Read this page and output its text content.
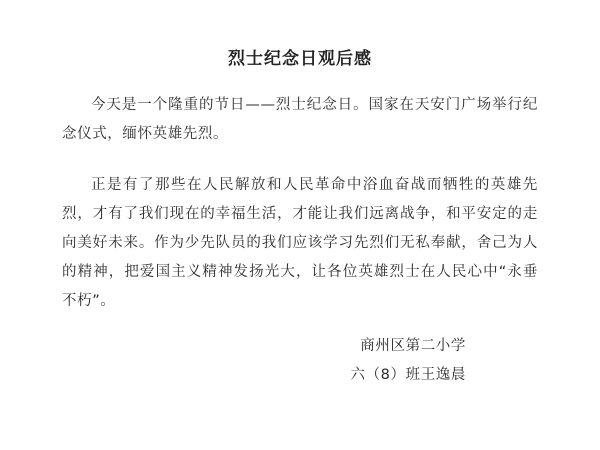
烈士纪念日观后感

今天是一个隆重的节日——烈士纪念日。国家在天安门广场举行纪念仪式，缅怀英雄先烈。

正是有了那些在人民解放和人民革命中浴血奋战而牺牲的英雄先烈，才有了我们现在的幸福生活，才能让我们远离战争，和平安定的走向美好未来。作为少先队员的我们应该学习先烈们无私奉献，舍己为人的精神，把爱国主义精神发扬光大，让各位英雄烈士在人民心中“永垂不朽”。

商州区第二小学
六（8）班王逸晨
